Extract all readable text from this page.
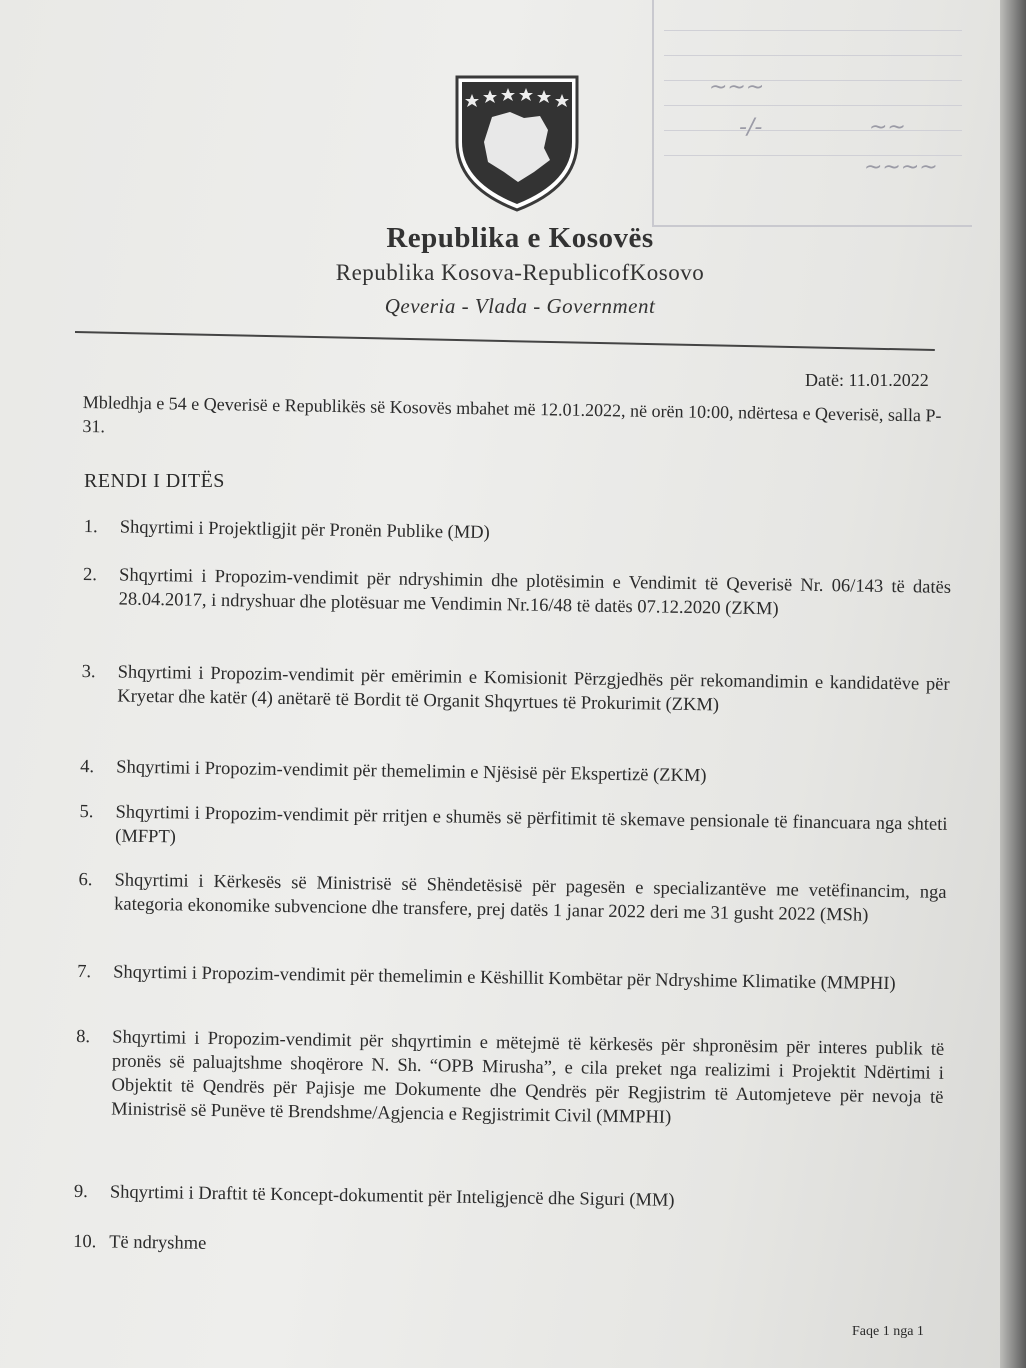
~~~
-/-	~~
~~~~
Republika e Kosovës
Republika Kosova-RepublicofKosovo
Qeveria - Vlada - Government
Datë: 11.01.2022
Mbledhja e 54 e Qeverisë e Republikës së Kosovës mbahet më 12.01.2022, në orën 10:00, ndërtesa e Qeverisë, salla P-31.
RENDI I DITËS
1.	Shqyrtimi i Projektligjit për Pronën Publike (MD)
2.	Shqyrtimi i Propozim-vendimit për ndryshimin dhe plotësimin e Vendimit të Qeverisë Nr. 06/143 të datës 28.04.2017, i ndryshuar dhe plotësuar me Vendimin Nr.16/48 të datës 07.12.2020 (ZKM)
3.	Shqyrtimi i Propozim-vendimit për emërimin e Komisionit Përzgjedhës për rekomandimin e kandidatëve për Kryetar dhe katër (4) anëtarë të Bordit të Organit Shqyrtues të Prokurimit (ZKM)
4.	Shqyrtimi i Propozim-vendimit për themelimin e Njësisë për Ekspertizë (ZKM)
5.	Shqyrtimi i Propozim-vendimit për rritjen e shumës së përfitimit të skemave pensionale të financuara nga shteti (MFPT)
6.	Shqyrtimi i Kërkesës së Ministrisë së Shëndetësisë për pagesën e specializantëve me vetëfinancim, nga kategoria ekonomike subvencione dhe transfere, prej datës 1 janar 2022 deri me 31 gusht 2022 (MSh)
7.	Shqyrtimi i Propozim-vendimit për themelimin e Këshillit Kombëtar për Ndryshime Klimatike (MMPHI)
8.	Shqyrtimi i Propozim-vendimit për shqyrtimin e mëtejmë të kërkesës për shpronësim për interes publik të pronës së paluajtshme shoqërore N. Sh. “OPB Mirusha”, e cila preket nga realizimi i Projektit Ndërtimi i Objektit të Qendrës për Pajisje me Dokumente dhe Qendrës për Regjistrim të Automjeteve për nevoja të Ministrisë së Punëve të Brendshme/Agjencia e Regjistrimit Civil (MMPHI)
9.	Shqyrtimi i Draftit të Koncept-dokumentit për Inteligjencë dhe Siguri (MM)
10. Të ndryshme
Faqe 1 nga 1
